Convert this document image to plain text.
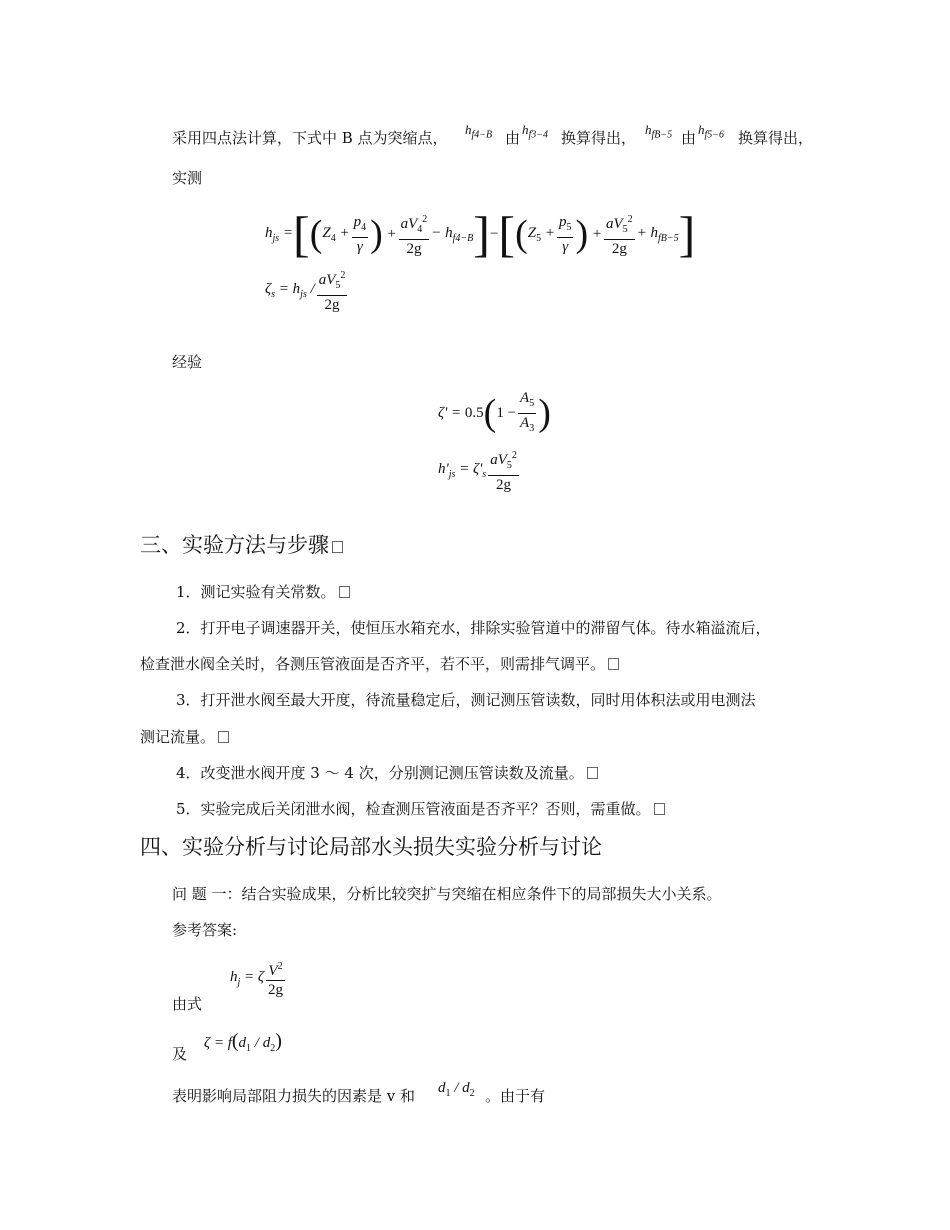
采用四点法计算，下式中 B 点为突缩点， $h_{f4-B}$ 由 $h_{f3-4}$ 换算得出， $h_{fB-5}$ 由 $h_{f5-6}$ 换算得出，
实测
$h_{js}$ = [ ( $Z_4 + \frac{p_4}{\gamma}$ ) + $\frac{aV_4^2}{2g} - h_{f4-B}$ ] − [ ( $Z_5 + \frac{p_5}{\gamma}$ ) + $\frac{aV_5^2}{2g} + h_{fB-5}$ ]
$\zeta_s = h_{js} / \frac{aV_5^2}{2g}$
经验
ζ' = 0.5 ( $1 - \frac{A_5}{A_3}$ )
$h'_{js} = \zeta'_s \frac{aV_5^2}{2g}$
三、实验方法与步骤
1．测记实验有关常数。
2．打开电子调速器开关，使恒压水箱充水，排除实验管道中的滞留气体。待水箱溢流后，
检查泄水阀全关时，各测压管液面是否齐平，若不平，则需排气调平。
3．打开泄水阀至最大开度，待流量稳定后，测记测压管读数，同时用体积法或用电测法
测记流量。
4．改变泄水阀开度 3 ～ 4 次，分别测记测压管读数及流量。
5．实验完成后关闭泄水阀，检查测压管液面是否齐平？否则，需重做。
四、实验分析与讨论局部水头损失实验分析与讨论
问 题 一：结合实验成果，分析比较突扩与突缩在相应条件下的局部损失大小关系。
参考答案:
$h_j = \zeta \frac{V^2}{2g}$
由式
$\zeta = f(d_1 / d_2)$
及
表明影响局部阻力损失的因素是 v 和 $d_1 / d_2$ 。由于有
